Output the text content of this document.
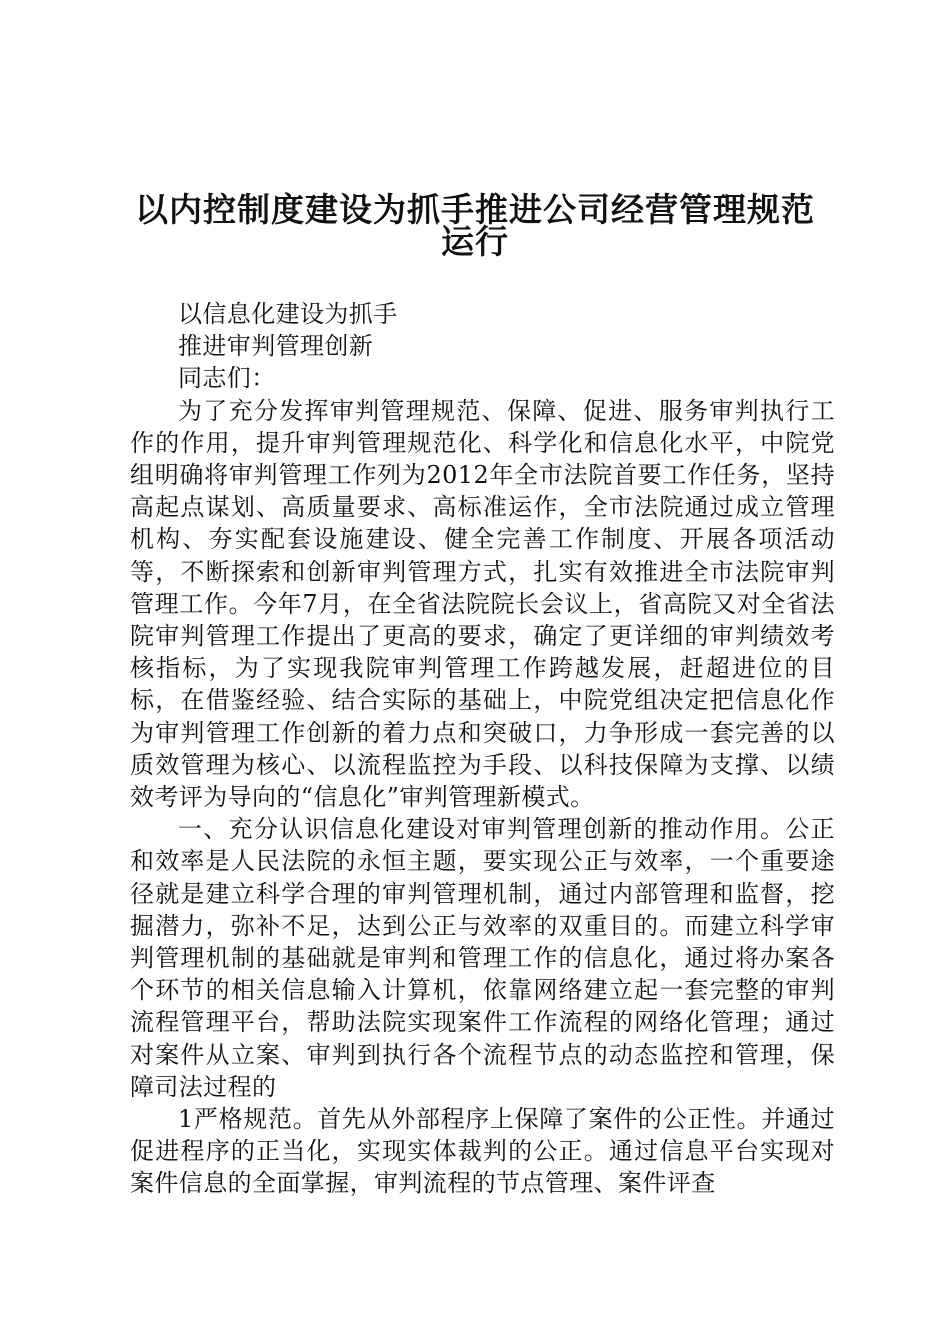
以内控制度建设为抓手推进公司经营管理规范
运行

以信息化建设为抓手

推进审判管理创新

同志们：

为了充分发挥审判管理规范、保障、促进、服务审判执行工作的作用，提升审判管理规范化、科学化和信息化水平，中院党组明确将审判管理工作列为2012年全市法院首要工作任务，坚持高起点谋划、高质量要求、高标准运作，全市法院通过成立管理机构、夯实配套设施建设、健全完善工作制度、开展各项活动等，不断探索和创新审判管理方式，扎实有效推进全市法院审判管理工作。今年7月，在全省法院院长会议上，省高院又对全省法院审判管理工作提出了更高的要求，确定了更详细的审判绩效考核指标，为了实现我院审判管理工作跨越发展，赶超进位的目标，在借鉴经验、结合实际的基础上，中院党组决定把信息化作为审判管理工作创新的着力点和突破口，力争形成一套完善的以质效管理为核心、以流程监控为手段、以科技保障为支撑、以绩效考评为导向的“信息化”审判管理新模式。

一、充分认识信息化建设对审判管理创新的推动作用。公正和效率是人民法院的永恒主题，要实现公正与效率，一个重要途径就是建立科学合理的审判管理机制，通过内部管理和监督，挖掘潜力，弥补不足，达到公正与效率的双重目的。而建立科学审判管理机制的基础就是审判和管理工作的信息化，通过将办案各个环节的相关信息输入计算机，依靠网络建立起一套完整的审判流程管理平台，帮助法院实现案件工作流程的网络化管理；通过对案件从立案、审判到执行各个流程节点的动态监控和管理，保障司法过程的

1严格规范。首先从外部程序上保障了案件的公正性。并通过促进程序的正当化，实现实体裁判的公正。通过信息平台实现对案件信息的全面掌握，审判流程的节点管理、案件评查
